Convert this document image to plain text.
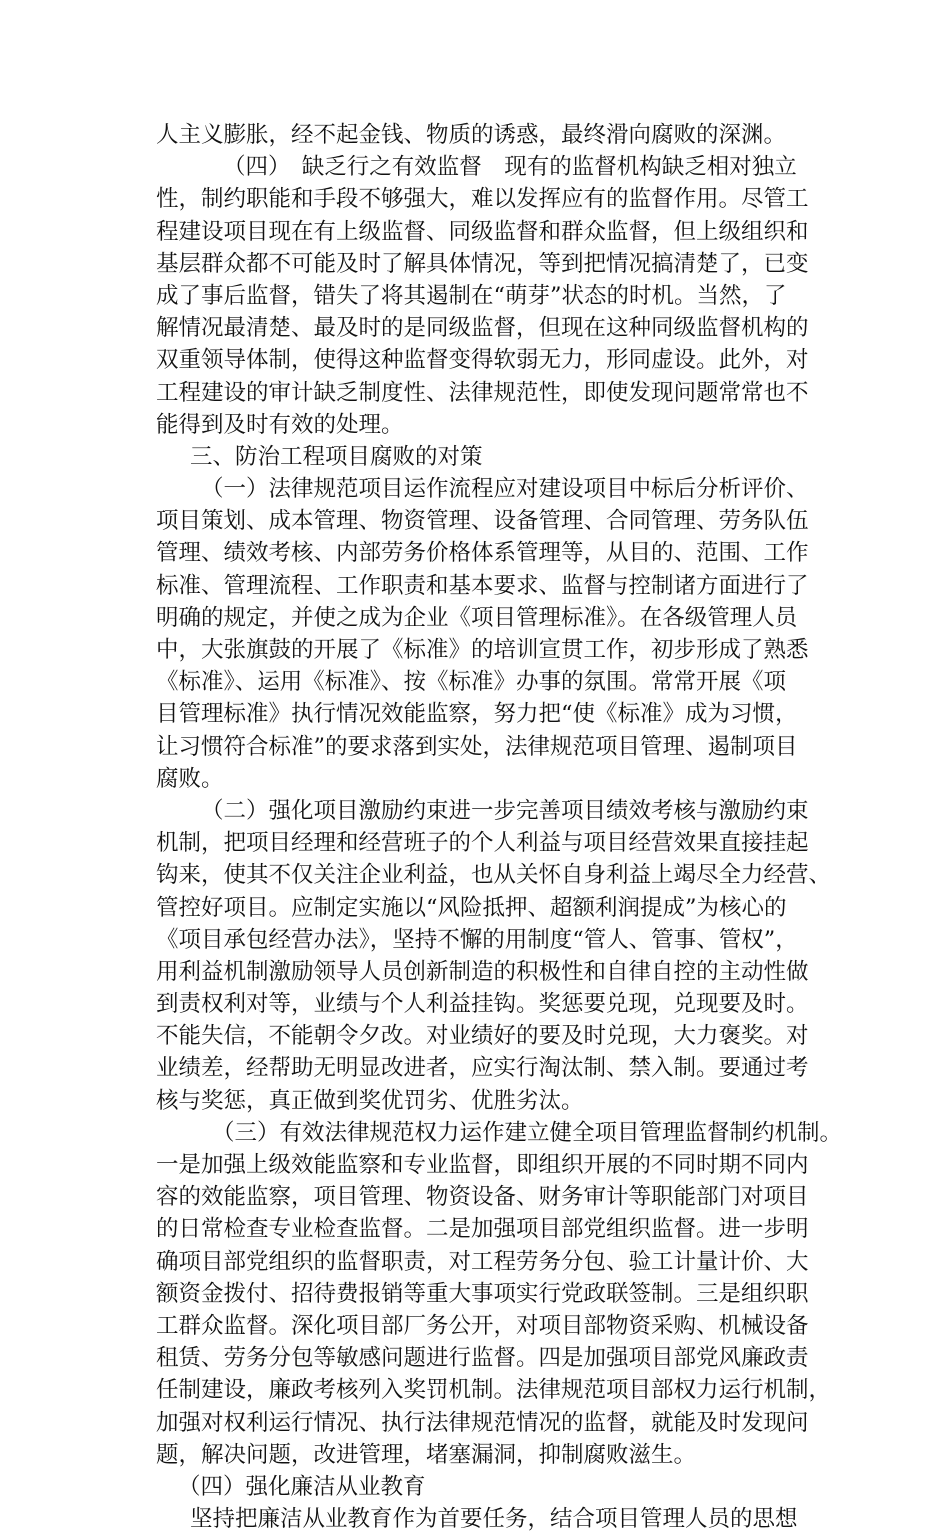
人主义膨胀，经不起金钱、物质的诱惑，最终滑向腐败的深渊。
（四）　缺乏行之有效监督　现有的监督机构缺乏相对独立
性，制约职能和手段不够强大，难以发挥应有的监督作用。尽管工
程建设项目现在有上级监督、同级监督和群众监督，但上级组织和
基层群众都不可能及时了解具体情况，等到把情况搞清楚了，已变
成了事后监督，错失了将其遏制在“萌芽”状态的时机。当然，了
解情况最清楚、最及时的是同级监督，但现在这种同级监督机构的
双重领导体制，使得这种监督变得软弱无力，形同虚设。此外，对
工程建设的审计缺乏制度性、法律规范性，即使发现问题常常也不
能得到及时有效的处理。
三、防治工程项目腐败的对策
（一）法律规范项目运作流程应对建设项目中标后分析评价、
项目策划、成本管理、物资管理、设备管理、合同管理、劳务队伍
管理、绩效考核、内部劳务价格体系管理等，从目的、范围、工作
标准、管理流程、工作职责和基本要求、监督与控制诸方面进行了
明确的规定，并使之成为企业《项目管理标准》。在各级管理人员
中，大张旗鼓的开展了《标准》的培训宣贯工作，初步形成了熟悉
《标准》、运用《标准》、按《标准》办事的氛围。常常开展《项
目管理标准》执行情况效能监察，努力把“使《标准》成为习惯，
让习惯符合标准”的要求落到实处，法律规范项目管理、遏制项目
腐败。
（二）强化项目激励约束进一步完善项目绩效考核与激励约束
机制，把项目经理和经营班子的个人利益与项目经营效果直接挂起
钩来，使其不仅关注企业利益，也从关怀自身利益上竭尽全力经营、
管控好项目。应制定实施以“风险抵押、超额利润提成”为核心的
《项目承包经营办法》，坚持不懈的用制度“管人、管事、管权”，
用利益机制激励领导人员创新制造的积极性和自律自控的主动性做
到责权利对等，业绩与个人利益挂钩。奖惩要兑现，兑现要及时。
不能失信，不能朝令夕改。对业绩好的要及时兑现，大力褒奖。对
业绩差，经帮助无明显改进者，应实行淘汰制、禁入制。要通过考
核与奖惩，真正做到奖优罚劣、优胜劣汰。
（三）有效法律规范权力运作建立健全项目管理监督制约机制。
一是加强上级效能监察和专业监督，即组织开展的不同时期不同内
容的效能监察，项目管理、物资设备、财务审计等职能部门对项目
的日常检查专业检查监督。二是加强项目部党组织监督。进一步明
确项目部党组织的监督职责，对工程劳务分包、验工计量计价、大
额资金拨付、招待费报销等重大事项实行党政联签制。三是组织职
工群众监督。深化项目部厂务公开，对项目部物资采购、机械设备
租赁、劳务分包等敏感问题进行监督。四是加强项目部党风廉政责
任制建设，廉政考核列入奖罚机制。法律规范项目部权力运行机制，
加强对权利运行情况、执行法律规范情况的监督，就能及时发现问
题，解决问题，改进管理，堵塞漏洞，抑制腐败滋生。
（四）强化廉洁从业教育
坚持把廉洁从业教育作为首要任务，结合项目管理人员的思想
